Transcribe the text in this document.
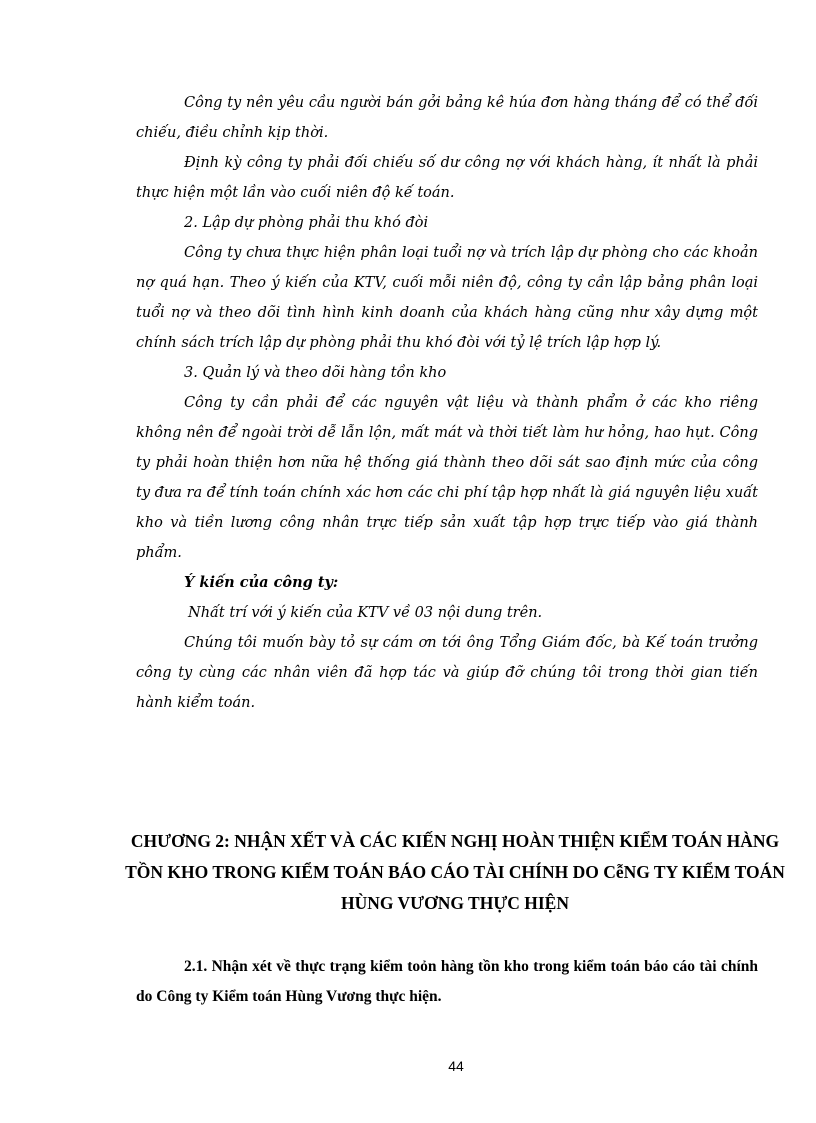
Công ty nên yêu cầu người bán gởi bảng kê húa đơn hàng tháng để có thể đối chiếu, điều chỉnh kịp thời.

Định kỳ công ty phải đối chiếu số dư công nợ với khách hàng, ít nhất là phải thực hiện một lần vào cuối niên độ kế toán.

2. Lập dự phòng phải thu khó đòi

Công ty chưa thực hiện phân loại tuổi nợ và trích lập dự phòng cho các khoản nợ quá hạn. Theo ý kiến của KTV, cuối mỗi niên độ, công ty cần lập bảng phân loại tuổi nợ và theo dõi tình hình kinh doanh của khách hàng cũng như xây dựng một chính sách trích lập dự phòng phải thu khó đòi với tỷ lệ trích lập hợp lý.

3. Quản lý và theo dõi hàng tồn kho

Công ty cần phải để các nguyên vật liệu và thành phẩm ở các kho riêng không nên để ngoài trời dễ lẫn lộn, mất mát và thời tiết làm hư hỏng, hao hụt. Công ty phải hoàn thiện hơn nữa hệ thống giá thành theo dõi sát sao định mức của công ty đưa ra để tính toán chính xác hơn các chi phí tập hợp nhất là giá nguyên liệu xuất kho và tiền lương công nhân trực tiếp sản xuất tập hợp trực tiếp vào giá thành phẩm.

Ý kiến của công ty:

Nhất trí với ý kiến của KTV về 03 nội dung trên.

Chúng tôi muốn bày tỏ sự cám ơn tới ông Tổng Giám đốc, bà Kế toán trưởng công ty cùng các nhân viên đã hợp tác và giúp đỡ chúng tôi trong thời gian tiến hành kiểm toán.

CHƯƠNG 2: NHẬN XẾT VÀ CÁC KIẾN NGHỊ HOÀN THIỆN KIỂM TOÁN HÀNG TỒN KHO TRONG KIỂM TOÁN BÁO CÁO TÀI CHÍNH DO CễNG TY KIỂM TOÁN HÙNG VƯƠNG THỰC HIỆN

2.1. Nhận xét về thực trạng kiểm toỏn hàng tồn kho trong kiểm toán báo cáo tài chính do Công ty Kiểm toán Hùng Vương thực hiện.

44
